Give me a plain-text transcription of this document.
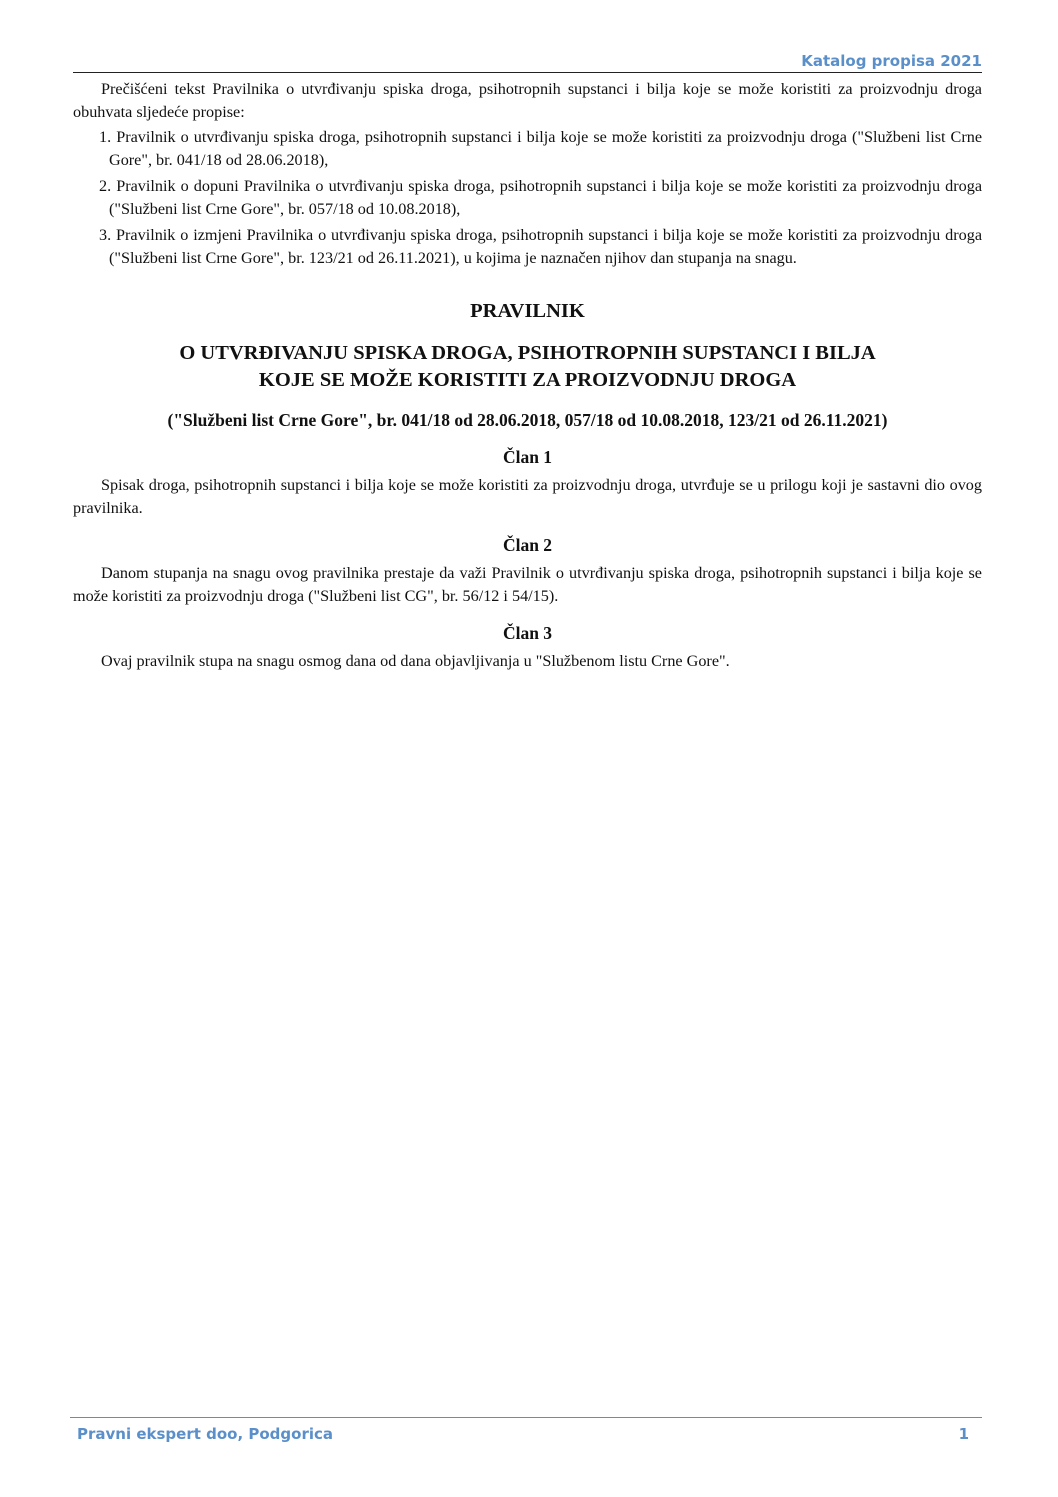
Katalog propisa 2021

Prečišćeni tekst Pravilnika o utvrđivanju spiska droga, psihotropnih supstanci i bilja koje se može koristiti za proizvodnju droga obuhvata sljedeće propise:

1. Pravilnik o utvrđivanju spiska droga, psihotropnih supstanci i bilja koje se može koristiti za proizvodnju droga ("Službeni list Crne Gore", br. 041/18 od 28.06.2018),
2. Pravilnik o dopuni Pravilnika o utvrđivanju spiska droga, psihotropnih supstanci i bilja koje se može koristiti za proizvodnju droga ("Službeni list Crne Gore", br. 057/18 od 10.08.2018),
3. Pravilnik o izmjeni Pravilnika o utvrđivanju spiska droga, psihotropnih supstanci i bilja koje se može koristiti za proizvodnju droga ("Službeni list Crne Gore", br. 123/21 od 26.11.2021), u kojima je naznačen njihov dan stupanja na snagu.
PRAVILNIK
O UTVRĐIVANJU SPISKA DROGA, PSIHOTROPNIH SUPSTANCI I BILJA
KOJE SE MOŽE KORISTITI ZA PROIZVODNJU DROGA

("Službeni list Crne Gore", br. 041/18 od 28.06.2018, 057/18 od 10.08.2018, 123/21 od 26.11.2021)

Član 1

Spisak droga, psihotropnih supstanci i bilja koje se može koristiti za proizvodnju droga, utvrđuje se u prilogu koji je sastavni dio ovog pravilnika.

Član 2

Danom stupanja na snagu ovog pravilnika prestaje da važi Pravilnik o utvrđivanju spiska droga, psihotropnih supstanci i bilja koje se može koristiti za proizvodnju droga ("Službeni list CG", br. 56/12 i 54/15).

Član 3

Ovaj pravilnik stupa na snagu osmog dana od dana objavljivanja u "Službenom listu Crne Gore".

Pravni ekspert doo, Podgorica	1
